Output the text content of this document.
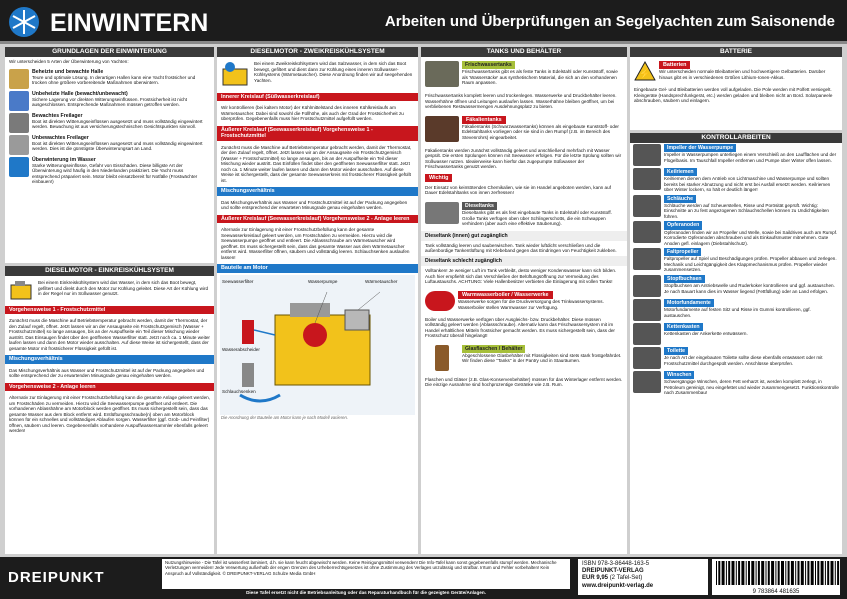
EINWINTERN	Arbeiten und Überprüfungen an Segelyachten zum Saisonende
GRUNDLAGEN DER EINWINTERUNG
Wir unterscheiden 5 Arten der Überwinterung von Yachten:
Beheizte und bewachte Halle
Teure und optimale Lösung. In derartigen Hallen kann eine Yacht frostsicher und trocken ohne größere vorbereitende Maßnahmen überwintern.
Unbeheizte Halle (bewacht/unbewacht)
Sichere Lagerung vor direkten Witterungseinflüssen. Frostsicherheit ist nicht ausgeschlossen. Entsprechende Maßnahmen müssen getroffen werden.
Bewachtes Freilager
Boot ist direkten Witterungseinflüssen ausgesetzt und muss vollständig eingewintert werden. Bewachung ist aus versicherungstechnischen Gesichtspunkten sinnvoll.
Unbewachtes Freilager
Boot ist direkten Witterungseinflüssen ausgesetzt und muss vollständig eingewintert werden. Dies ist die günstigste Überwinterungsart an Land.
Überwinterung im Wasser
Starke Witterungseinflüsse, Gefahr von Eisschäden. Diese billigste Art der Überwinterung wird häufig in den Niederlanden praktiziert. Die Yacht muss entsprechend präpariert sein. Motor bleibt einsatzbereit für Notfälle (Frostwächter einbauen!)
DIESELMOTOR - EINKREISKÜHLSYSTEM
Bei einem Einkreiskühlsystem wird das Wasser, in dem sich das Boot bewegt, gefiltert und direkt durch den Motor zur Kühlung geleitet. Diese Art der Kühlung wird in der Regel nur im Süßwasser genutzt.
Vorgehensweise 1 - Frostschutzmittel
Zunächst muss die Maschine auf Betriebstemperatur gebracht werden, damit der Thermostat, der den Zulauf regelt, öffnet. Jetzt lassen wir an der Ansaugseite ein Frostschutzgemisch (Wasser + Frostschutzmittel) so lange ansaugen, bis an der Auspuffseite ein Teil dieser Mischung wieder austritt. Das Einsaugen findet über den geöffneten Wasserfilter statt. Jetzt noch ca. 1 Minute weiter laufen lassen und dann den Motor wieder ausschalten. Auf diese Weise ist sichergestellt, dass der gesamte Motor mit frostsicherer Flüssigkeit gefüllt ist.
Mischungsverhältnis
Das Mischungsverhältnis aus Wasser und Frostschutzmittel ist auf der Packung angegeben und sollte entsprechend der zu erwartenden Minusgrade genau eingehalten werden.
Vorgehensweise 2 - Anlage leeren
Alternativ zur Einlagerung mit einer Frostschutzbefüllung kann die gesamte Anlage geleert werden, um Frostschäden zu vermeiden. Hierzu wird die Seewasserpumpe geöffnet und entleert. Die vorhandenen Ablasshähne am Motorblock werden geöffnet. Es muss sichergestellt sein, dass das gesamte Wasser aus dem Block entfernt wird. Entlüftungsschraube(n) oben am Motorblock können für ein schnelles und vollständiges Ablaufen sorgen. Wasserfilter (ggf. Grob- und Feinfilter) öffnen, säubern und leeren. Gegebenenfalls vorhandene Auspuffwassersammler ebenfalls geleert werden!
DIESELMOTOR - ZWEIKREISKÜHLSYSTEM
Bei einem Zweikreiskühlsystem wird das Salzwasser, in dem sich das Boot bewegt, gefiltert und dient dann zur Kühlung eines inneren Süßwasser-Kühlsystems (Wärmetauscher). Diese Anordnung finden wir auf seegehenden Yachten.
Innerer Kreislauf (Süßwasserkreislauf)
Wir kontrollieren (bei kaltem Motor) der Kühlmittelstand des inneren Kühlkreislaufs am Wärmetauscher. Dabei sind sowohl die Füllhöhe, als auch der Grad der Frostsicherheit zu überprüfen. Gegebenenfalls muss hier Frostschutzmittel aufgefüllt werden.
Äußerer Kreislauf (Seewasserkreislauf) Vorgehensweise 1 - Frostschutzmittel
Zunächst muss die Maschine auf Betriebstemperatur gebracht werden, damit der Thermostat, der den Zulauf regelt, öffnet. Jetzt lassen wir an der Ansaugseite ein Frostschutzgemisch (Wasser + Frostschutzmittel) so lange ansaugen, bis an der Auspuffseite ein Teil dieser Mischung wieder austritt. Das Einfüllen findet über den geöffneten Seewasserfilter statt. Jetzt noch ca. 1 Minute weiter laufen lassen und dann den Motor wieder ausschalten. Auf diese Weise ist sichergestellt, dass der gesamte Seewasserkreis mit frostsicherer Flüssigkeit gefüllt ist.
Mischungsverhältnis
Das Mischungsverhältnis aus Wasser und Frostschutzmittel ist auf der Packung angegeben und sollte entsprechend der erwarteten Minusgrade genau eingehalten werden.
Äußerer Kreislauf (Seewasserkreislauf) Vorgehensweise 2 - Anlage leeren
Alternativ zur Einlagerung mit einer Frostschutzbefüllung kann der gesamte Seewasserkreislauf geleert werden, um Frostschäden zu vermeiden. Hierzu wird die Seewasserpumpe geöffnet und entleert. Die Ablassschraube am Wärmetauscher wird geöffnet. Es muss sichergestellt sein, dass das gesamte Wasser aus dem Wärmetauscher entfernt wird. Wasserfilter öffnen, säubern und vollständig leeren. Schlauchsenken auslaufen lassen!
Bauteile am Motor
Seewasserfilter	Wasserpumpe	Wärmetauscher
Wasserabscheider
Schlauchsenken
Die Anordnung der Bauteile am Motor kann je nach Modell variieren.
TANKS UND BEHÄLTER
Frischwassertanks
Frischwassertanks gibt es als feste Tanks in Edelstahl oder Kunststoff, sowie als 'Wassersäcke' aus synthetischem Material, die sich an den vorhandenen Raum anpassen.
Frischwassertanks komplett leeren und trockenlegen. Wasserwerke und Druckbehälter leeren. Wasserhähne öffnen und Leitungen auslaufen lassen. Wasserhähne bleiben geöffnet, um bei verbliebenen Restwassermengen Ausdehnungsplatz zu bieten.
Fäkalientanks
Fäkalientanks (Schwarzwassertanks) können als eingebaute Kunststoff- oder Edelstahltanks vorliegen oder sie sind in den Rumpf (z.B. im Bereich des Stevenrohrs) eingearbeitet.
Fäkalientanks werden zunächst vollständig geleert und anschließend mehrfach mit Wasser gespült. Die ersten Spülungen können mit Seewasser erfolgen. Für die letzte Spülung sollten wir Süßwasser nutzen. Idealerweise kann hierfür das zugepumpte Süßwasser der Frischwassertanks genutzt werden.
Wichtig
Der Einsatz von keimtötenden Chemikalien, wie sie im Handel angeboten werden, kann auf Dauer Edelstahltanks von innen zerfressen!
Dieseltanks
Dieseltanks gibt es als fest eingebaute Tanks in Edelstahl oder Kunststoff. Große Tanks verfügen oben über Schlingerschotts, die ein Schwappen verhindern (aber auch eine effektive Säuberung).
Dieseltank (innen) gut zugänglich
Tank vollständig leeren und sauberwischen. Tank wieder luftdicht verschließen und die außenbordige Tankentlüftung mit Klebeband gegen das Eindringen von Feuchtigkeit zukleben.
Dieseltank schlecht zugänglich
Volltanken! Je weniger Luft im Tank verbleibt, desto weniger Kondenswasser kann sich bilden. Auch hier empfiehlt sich das Verschließen der Belüftungsöffnung zur Vermeidung des Luftaustauschs. ACHTUNG: Viele Hallenbesitzer verbieten die Einlagerung mit vollen Tanks!
Warmwasserboiler / Wasserwerke
Wasserwerke sorgen für die Druckversorgung des Trinkwassersystems. Wasserboiler stellen Warmwasser zur Verfügung.
Boiler und Wasserwerke verfügen über Ausgleichs- bzw. Druckbehälter. Diese müssen vollständig geleert werden (Ablassschraube). Alternativ kann das Frischwassersystem mit im Handel erhältlichen Mitteln frostsicher gemacht werden. Es muss sichergestellt sein, dass der Frostschutz überall hingelangt!
Glasflaschen / Behälter
Abgeschlossene Glasbehälter mit Flüssigkeiten sind stets stark frostgefährdet. Wir finden diese "Tanks" in der Pantry und in Stauräumen.
Flaschen und Gläser (z.B. Glas-Konservenbehälter) müssen für das Winterlager entfernt werden. Die einzige Ausnahme sind hochprozentige Getränke wie z.B. Rum.
BATTERIE
⚡
Batterien
Wir unterscheiden normale Bleibatterien und hochwertigere Gelbatterien. Darüber hinaus gibt es in verschiedenen Größen Lithium-Ionen-Akkus.
Eingebaute Gel- und Bleibatterien werden voll aufgeladen. Die Pole werden mit Polfett versiegelt. Kleingeräte (Handsprechfunkgerät, etc.) werden geladen und bleiben nicht an Bord. Solarpaneele abschrauben, säubern und einlagern.
KONTROLLARBEITEN
Impeller der Wasserpumpe
Impeller in Wasserpumpen unterliegen einem Verschleiß an den Laufflächen und der Flügelbasis. Im Tauschfall Impeller entfernen und Pumpe über Winter offen lassen.
Keilriemen
Keilriemen dienen dem Antrieb von Lichtmaschine und Wasserpumpe und sollten bereits bei starker Abnutzung und nicht erst bei Ausfall ersetzt werden. Keilriemen über Winter lockern, so hält er deutlich länger!
Schläuche
Schläuche werden auf Scheuerstellen, Risse und Porösität geprüft. Wichtig: Einschnitte an zu fest angezogenen Schlauchschellen können zu Undichtigkeiten führen.
Opferanoden
Opferanoden finden wir an Propeller und Welle, sowie bei Saildrives auch am Rumpf. Korrodierte Opferanoden abschrauben und als Einkaufsmuster mitnehmen. Gute Anoden gefl. einlagern (Diebstahlschutz).
Faltpropeller
Faltpropeller auf Spiel und Beschädigungen prüfen. Propeller abbauen und zerlegen. Mechanik und Leichtgängigkeit des Klappmechanismus prüfen. Propeller wieder zusammensetzen.
Stopfbuchsen
Stopfbuchsen am Antriebswelle und Ruderkoker kontrollieren und ggf. austauschen. Je nach Bauart kann dies im Wasser liegend (Fettfüllung) oder an Land erfolgen.
Motorfundamente
Motorfundamente auf festen Sitz und Risse im Gummi kontrollieren, ggf. austauschen.
Kettenkasten
Kettenkasten der Ankerkette entwässern.
Toilette
Je nach Art der eingebauten Toilette sollte diese ebenfalls entwässert oder mit Frostschutzmittel durchgespült werden. Anschlüsse überprüfen.
Winschen
Schwergängige Winschen, deren Fett verharzt ist, werden komplett zerlegt, in Petroleum gereinigt, neu eingefettet und wieder zusammengesetzt. Funktionskontrolle nach Zusammenbau!
DREIPUNKT
Nutzungshinweise - Die Tafel ist wasserfest laminiert, d.h. sie kann feucht abgewischt werden. Keine Reinigungsmittel verwenden! Die Info-Tafel kann sonst gegebenenfalls stumpf werden. Mechanische Verletzungen vermeiden! Jede Verwertung außerhalb der engen Grenzen des Urheberrechtsgesetzes ist ohne Zustimmung des Verlages unzulässig und strafbar. Irrtum und Fehler vorbehalten! Kein Anspruch auf Vollständigkeit. © DREIPUNKT-VERLAG Schulze Media GmbH
Diese Tafel ersetzt nicht die Betriebsanleitung oder das Reparaturhandbuch für die gezeigten Geräte/Anlagen.
ISBN 978-3-86448-163-5
DREIPUNKT-VERLAG
EUR 9,95 (2 Tafel-Set)
www.dreipunkt-verlag.de
9 783864 481635
